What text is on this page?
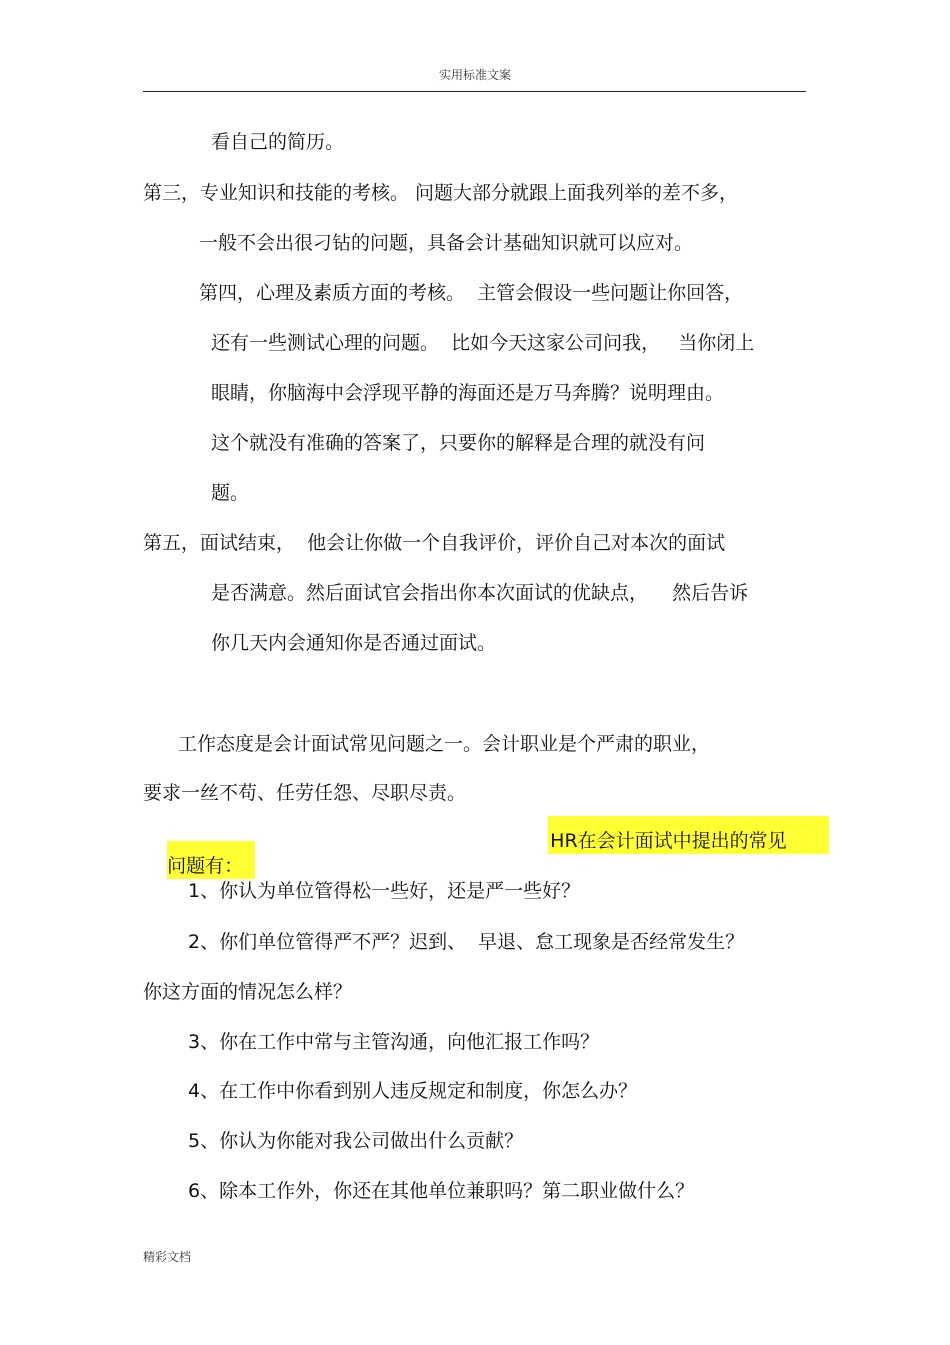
实用标准文案
看自己的简历。
第三，专业知识和技能的考核。 问题大部分就跟上面我列举的差不多，
一般不会出很刁钻的问题，具备会计基础知识就可以应对。
第四，心理及素质方面的考核。  主管会假设一些问题让你回答，
还有一些测试心理的问题。  比如今天这家公司问我，   当你闭上
眼睛，你脑海中会浮现平静的海面还是万马奔腾？说明理由。
这个就没有准确的答案了，只要你的解释是合理的就没有问
题。
第五，面试结束，  他会让你做一个自我评价，评价自己对本次的面试
是否满意。然后面试官会指出你本次面试的优缺点，    然后告诉
你几天内会通知你是否通过面试。
工作态度是会计面试常见问题之一。会计职业是个严肃的职业，
要求一丝不苟、任劳任怨、尽职尽责。

HR在会计面试中提出的常见

问题有：

1、你认为单位管得松一些好，还是严一些好？
2、你们单位管得严不严？迟到、  早退、怠工现象是否经常发生？
你这方面的情况怎么样？
3、你在工作中常与主管沟通，向他汇报工作吗？
4、在工作中你看到别人违反规定和制度，你怎么办？
5、你认为你能对我公司做出什么贡献？
6、除本工作外，你还在其他单位兼职吗？第二职业做什么？
精彩文档
